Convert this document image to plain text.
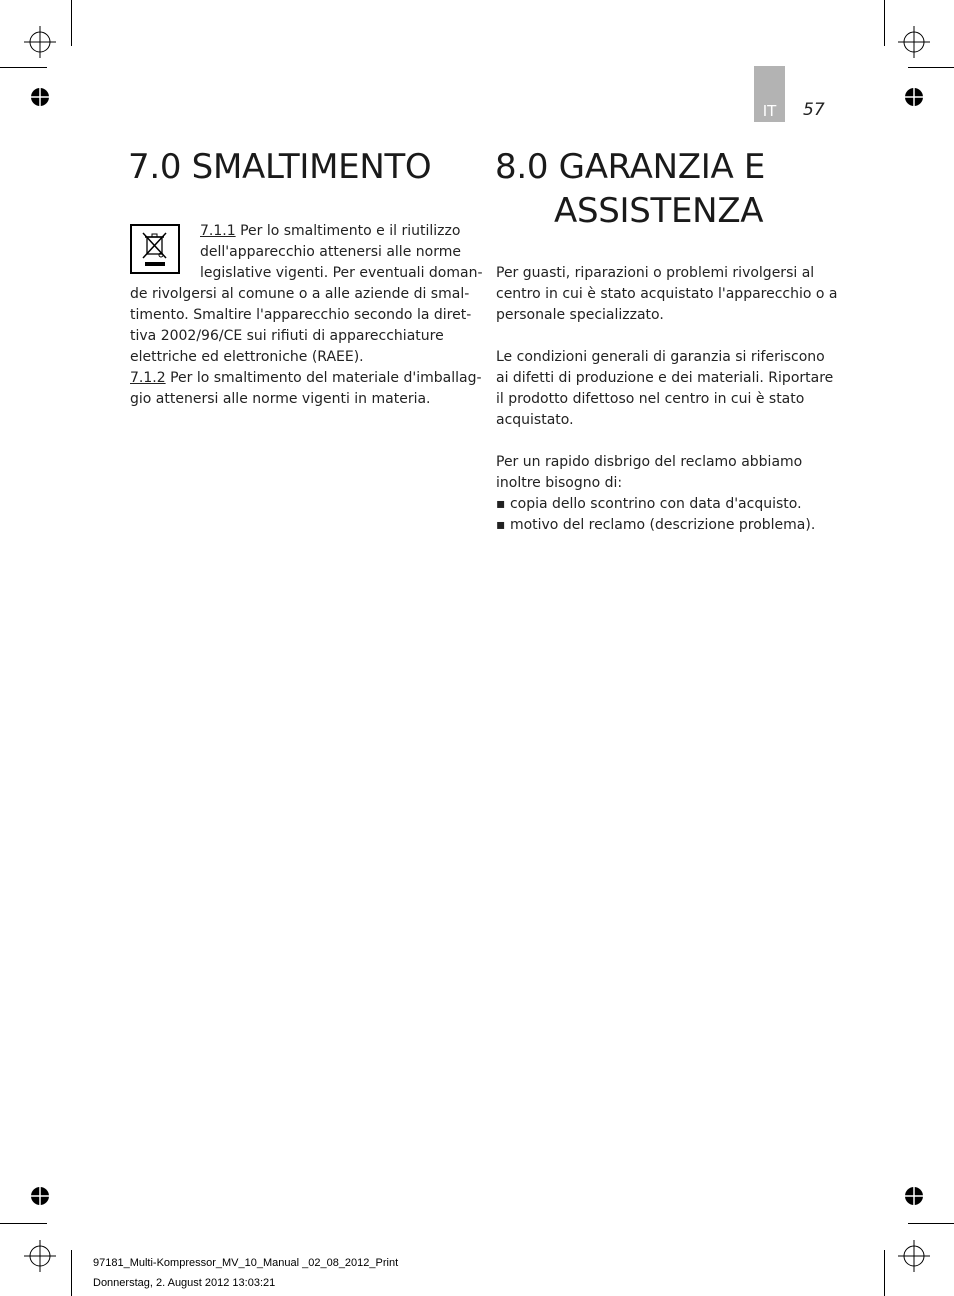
IT 57
7.0 SMALTIMENTO
7.1.1 Per lo smaltimento e il riutilizzo
dell'apparecchio attenersi alle norme
legislative vigenti. Per eventuali doman-
de rivolgersi al comune o a alle aziende di smal-
timento. Smaltire l'apparecchio secondo la diret-
tiva 2002/96/CE sui rifiuti di apparecchiature
elettriche ed elettroniche (RAEE).
7.1.2 Per lo smaltimento del materiale d'imballag-
gio attenersi alle norme vigenti in materia.
8.0 GARANZIA E
ASSISTENZA
Per guasti, riparazioni o problemi rivolgersi al
centro in cui è stato acquistato l'apparecchio o a
personale specializzato.
Le condizioni generali di garanzia si riferiscono
ai difetti di produzione e dei materiali. Riportare
il prodotto difettoso nel centro in cui è stato
acquistato.
Per un rapido disbrigo del reclamo abbiamo
inoltre bisogno di:
▪ copia dello scontrino con data d'acquisto.
▪ motivo del reclamo (descrizione problema).
97181_Multi-Kompressor_MV_10_Manual _02_08_2012_Print
Donnerstag, 2. August 2012 13:03:21
